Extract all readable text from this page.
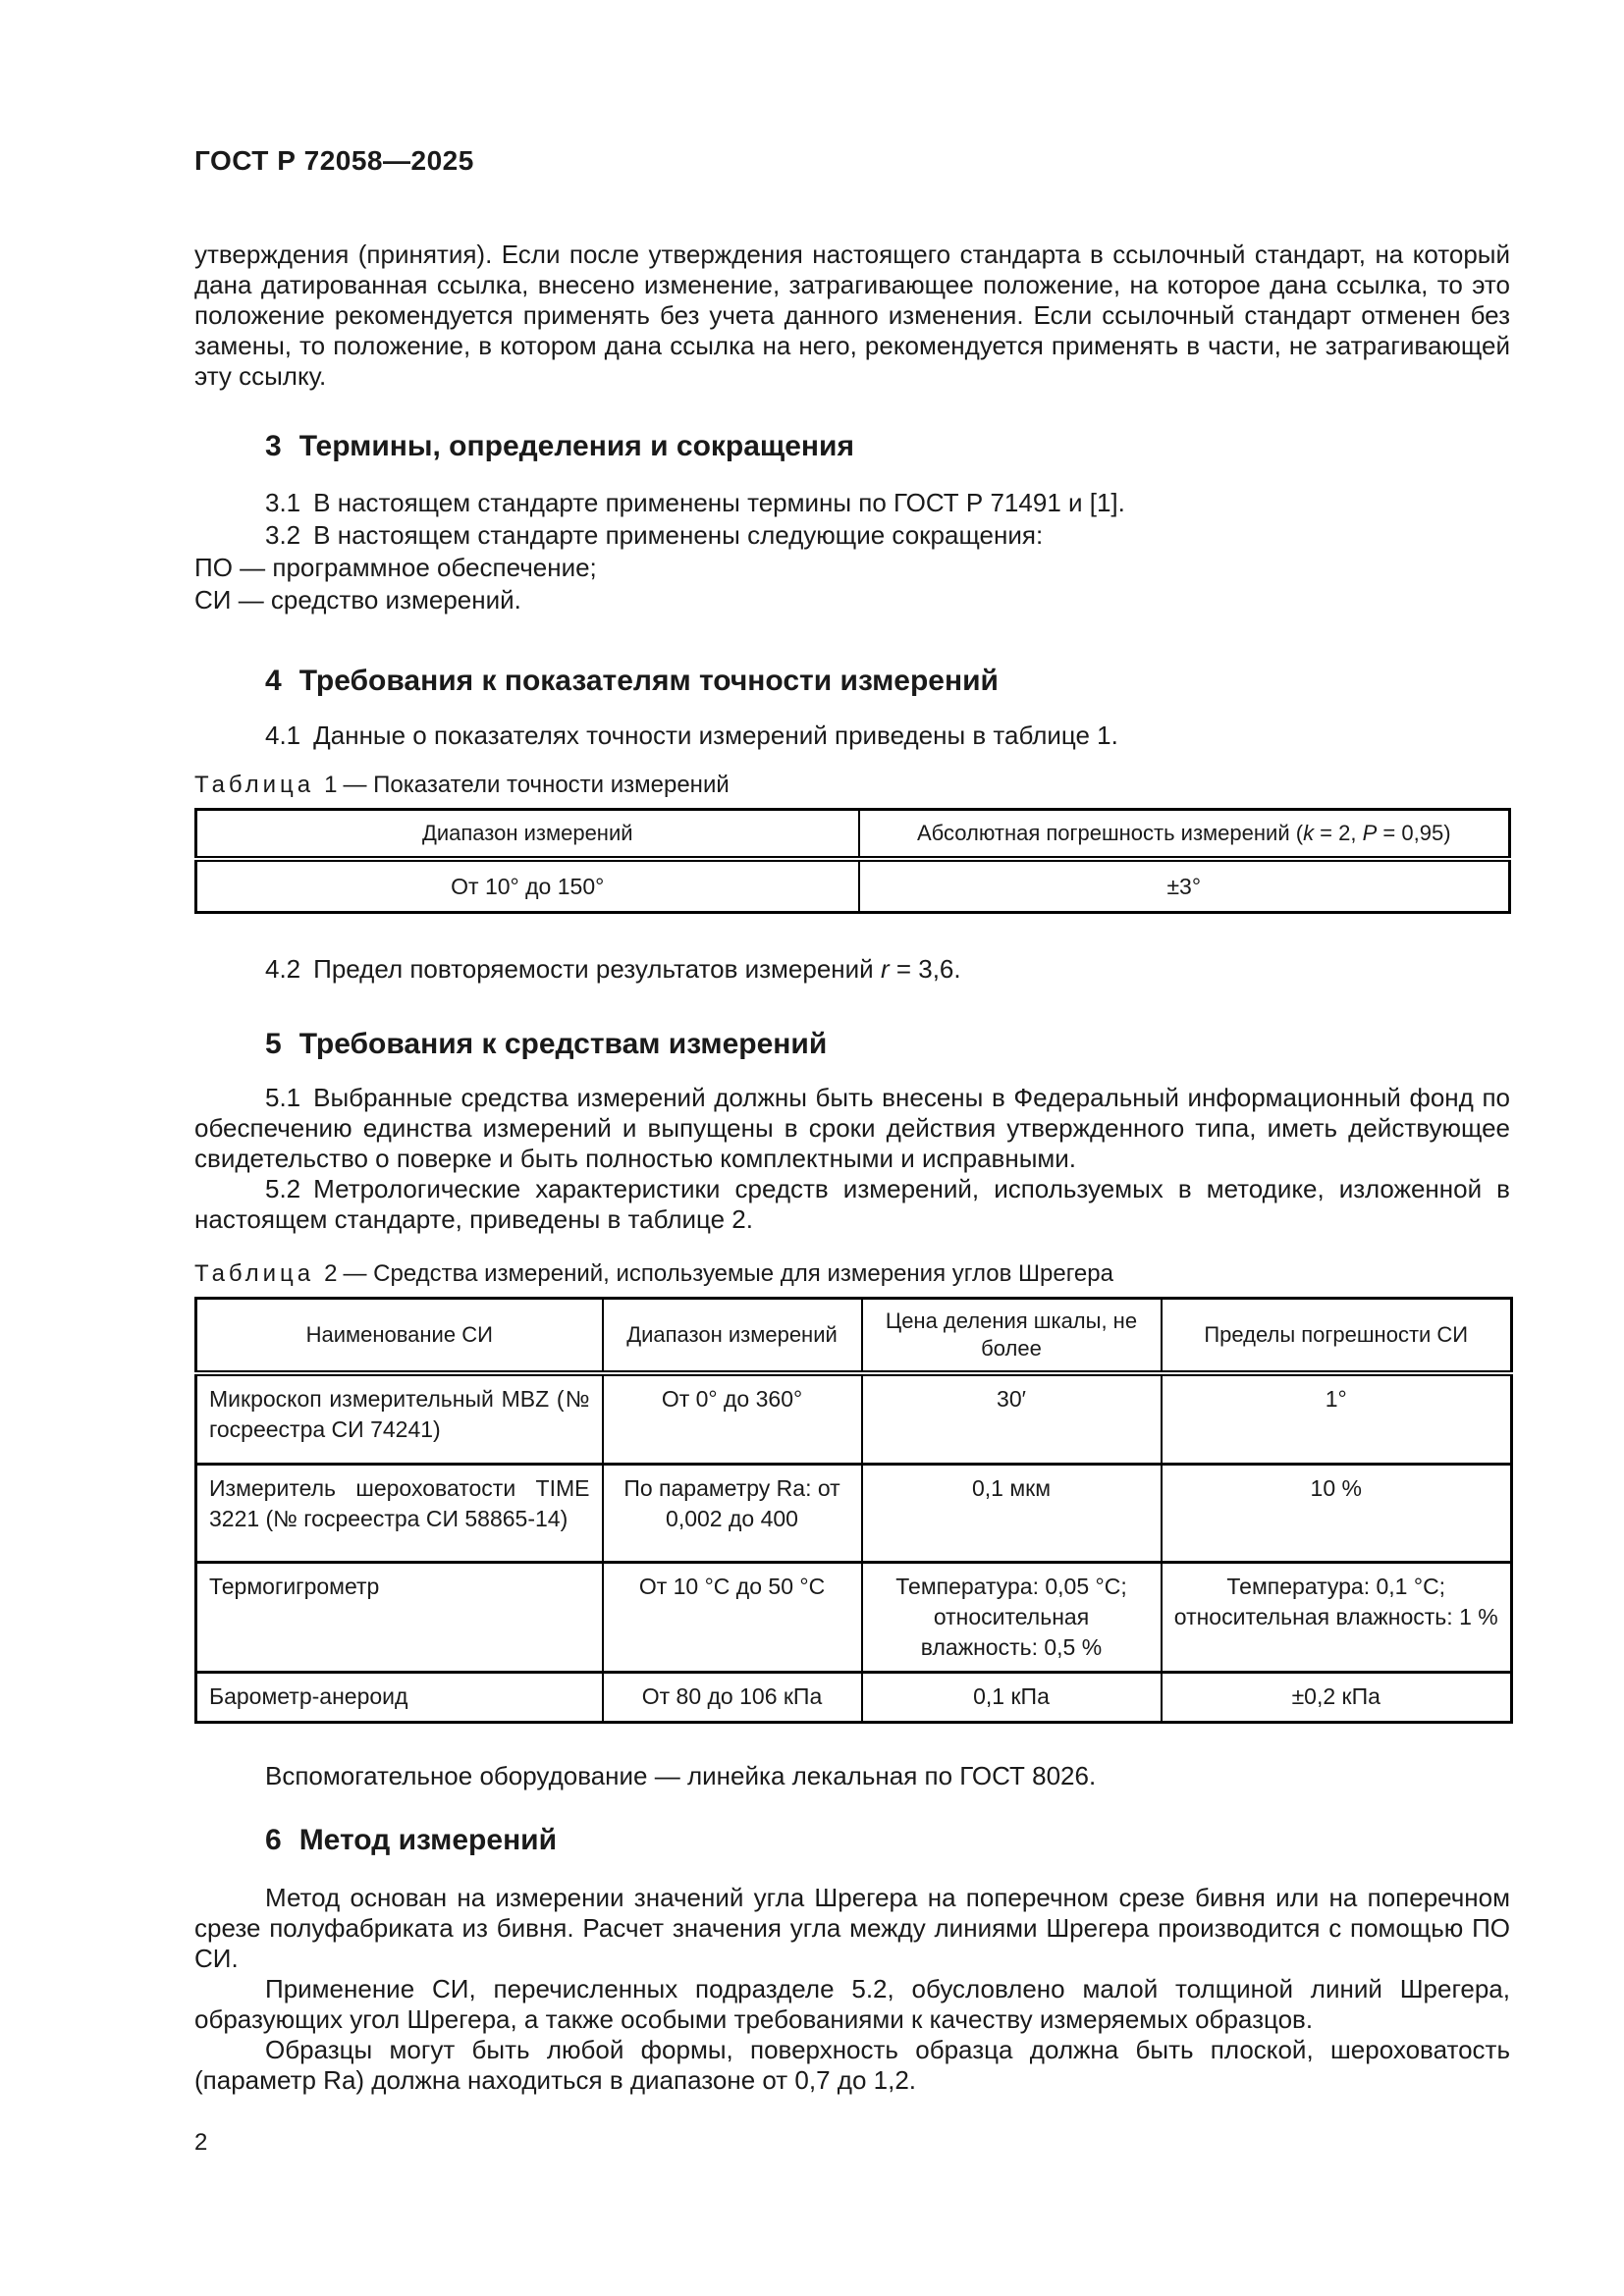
ГОСТ Р 72058—2025

утверждения (принятия). Если после утверждения настоящего стандарта в ссылочный стандарт, на который дана датированная ссылка, внесено изменение, затрагивающее положение, на которое дана ссылка, то это положение рекомендуется применять без учета данного изменения. Если ссылочный стандарт отменен без замены, то положение, в котором дана ссылка на него, рекомендуется применять в части, не затрагивающей эту ссылку.

3 Термины, определения и сокращения

3.1 В настоящем стандарте применены термины по ГОСТ Р 71491 и [1].

3.2 В настоящем стандарте применены следующие сокращения:

ПО — программное обеспечение;

СИ — средство измерений.

4 Требования к показателям точности измерений

4.1 Данные о показателях точности измерений приведены в таблице 1.

Таблица 1 — Показатели точности измерений
Диапазон измерений	Абсолютная погрешность измерений (k = 2, P = 0,95)
От 10° до 150°	±3°

4.2 Предел повторяемости результатов измерений r = 3,6.

5 Требования к средствам измерений

5.1 Выбранные средства измерений должны быть внесены в Федеральный информационный фонд по обеспечению единства измерений и выпущены в сроки действия утвержденного типа, иметь действующее свидетельство о поверке и быть полностью комплектными и исправными.

5.2 Метрологические характеристики средств измерений, используемых в методике, изложенной в настоящем стандарте, приведены в таблице 2.

Таблица 2 — Средства измерений, используемые для измерения углов Шрегера
Наименование СИ	Диапазон измерений	Цена деления шкалы, не более	Пределы погрешности СИ
Микроскоп измерительный MBZ (№ госреестра СИ 74241)	От 0° до 360°	30′	1°
Измеритель шероховатости TIME 3221 (№ госреестра СИ 58865-14)	По параметру Ra: от 0,002 до 400	0,1 мкм	10 %
Термогигрометр	От 10 °С до 50 °С	Температура: 0,05 °С; относительная влажность: 0,5 %	Температура: 0,1 °С; относительная влажность: 1 %
Барометр-анероид	От 80 до 106 кПа	0,1 кПа	±0,2 кПа

Вспомогательное оборудование — линейка лекальная по ГОСТ 8026.

6 Метод измерений

Метод основан на измерении значений угла Шрегера на поперечном срезе бивня или на поперечном срезе полуфабриката из бивня. Расчет значения угла между линиями Шрегера производится с помощью ПО СИ.

Применение СИ, перечисленных подразделе 5.2, обусловлено малой толщиной линий Шрегера, образующих угол Шрегера, а также особыми требованиями к качеству измеряемых образцов.

Образцы могут быть любой формы, поверхность образца должна быть плоской, шероховатость (параметр Ra) должна находиться в диапазоне от 0,7 до 1,2.

2
